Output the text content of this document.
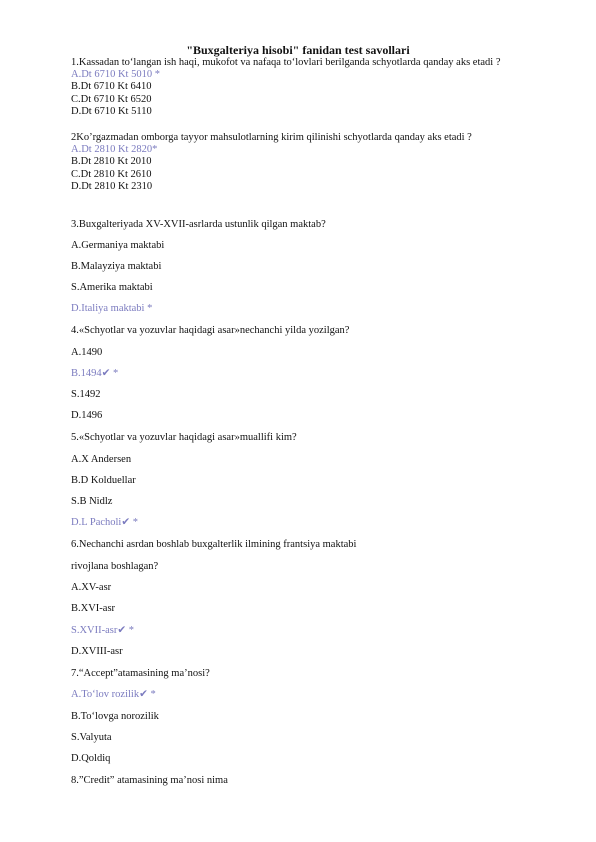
"Buxgalteriya hisobi" fanidan test savollari
1.Kassadan to‘langan ish haqi, mukofot va nafaqa to‘lovlari berilganda schyotlarda qanday aks etadi ?
A.Dt 6710 Kt 5010 *
B.Dt 6710 Kt 6410
C.Dt 6710 Kt 6520
D.Dt 6710 Kt 5110
2Ko’rgazmadan omborga tayyor mahsulotlarning kirim qilinishi schyotlarda qanday aks etadi ?
A.Dt 2810 Kt 2820*
B.Dt 2810 Kt 2010
C.Dt 2810 Kt 2610
D.Dt 2810 Kt 2310
3.Buxgalteriyada XV-XVII-asrlarda ustunlik qilgan maktab?
A.Germaniya maktabi
B.Malayziya maktabi
S.Amerika maktabi
D.Italiya maktabi *
4.«Schyotlar va yozuvlar haqidagi asar»nechanchi yilda yozilgan?
A.1490
B.1494✔ *
S.1492
D.1496
5.«Schyotlar va yozuvlar haqidagi asar»muallifi kim?
A.X Andersen
B.D Kolduellar
S.B Nidlz
D.L Pacholi✔ *
6.Nechanchi asrdan boshlab buxgalterlik ilmining frantsiya maktabi
rivojlana boshlagan?
A.XV-asr
B.XVI-asr
S.XVII-asr✔ *
D.XVIII-asr
7.“Accept”atamasining ma’nosi?
A.To‘lov rozilik✔ *
B.To‘lovga norozilik
S.Valyuta
D.Qoldiq
8.”Credit” atamasining ma’nosi nima
